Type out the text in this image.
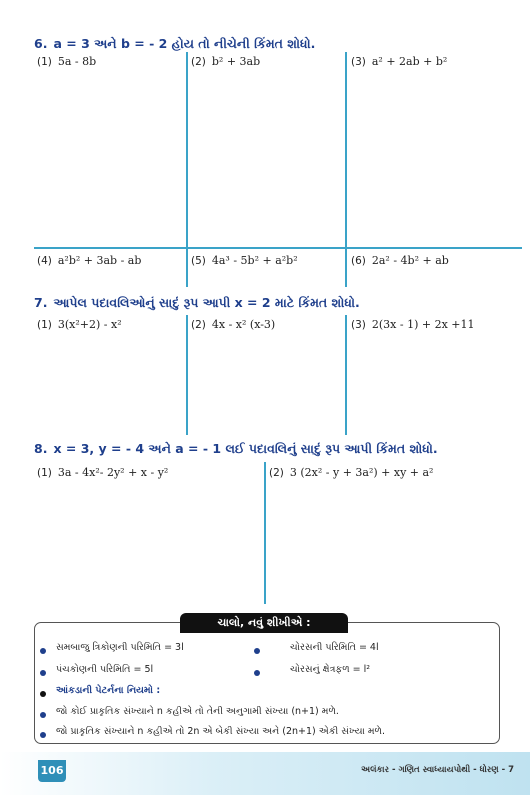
6. a = 3 અને b = - 2 હોય તો નીચેની કિંમત શોધો.
(1) 5a - 8b	(2) b² + 3ab	(3) a² + 2ab + b²
(4) a²b² + 3ab - ab	(5) 4a³ - 5b² + a²b²	(6) 2a² - 4b² + ab
7. આપેલ પદાવલિઓનું સાદું રૂપ આપી x = 2 માટે કિંમત શોધો.
(1) 3(x²+2) - x²	(2) 4x - x² (x-3)	(3) 2(3x - 1) + 2x +11
8. x = 3, y = - 4 અને a = - 1 લઈ પદાવલિનું સાદું રૂપ આપી કિંમત શોધો.
(1) 3a - 4x²- 2y² + x - y²	(2) 3 (2x² - y + 3a²) + xy + a²
ચાલો, નવું શીખીએ :
સમબાજુ ત્રિકોણની પરિમિતિ = 3l	ચોરસની પરિમિતિ = 4l
પંચકોણની પરિમિતિ = 5l	ચોરસનું ક્ષેત્રફળ = l²
આંકડાની પેટર્નના નિયમો :
જો કોઈ પ્રાકૃતિક સંખ્યાને n કહીએ તો તેની અનુગામી સંખ્યા (n+1) મળે.
જો પ્રાકૃતિક સંખ્યાને n કહીએ તો 2n એ બેકી સંખ્યા અને (2n+1) એકી સંખ્યા મળે.
106	અલંકાર - ગણિત સ્વાધ્યાયપોથી - ધોરણ - 7
